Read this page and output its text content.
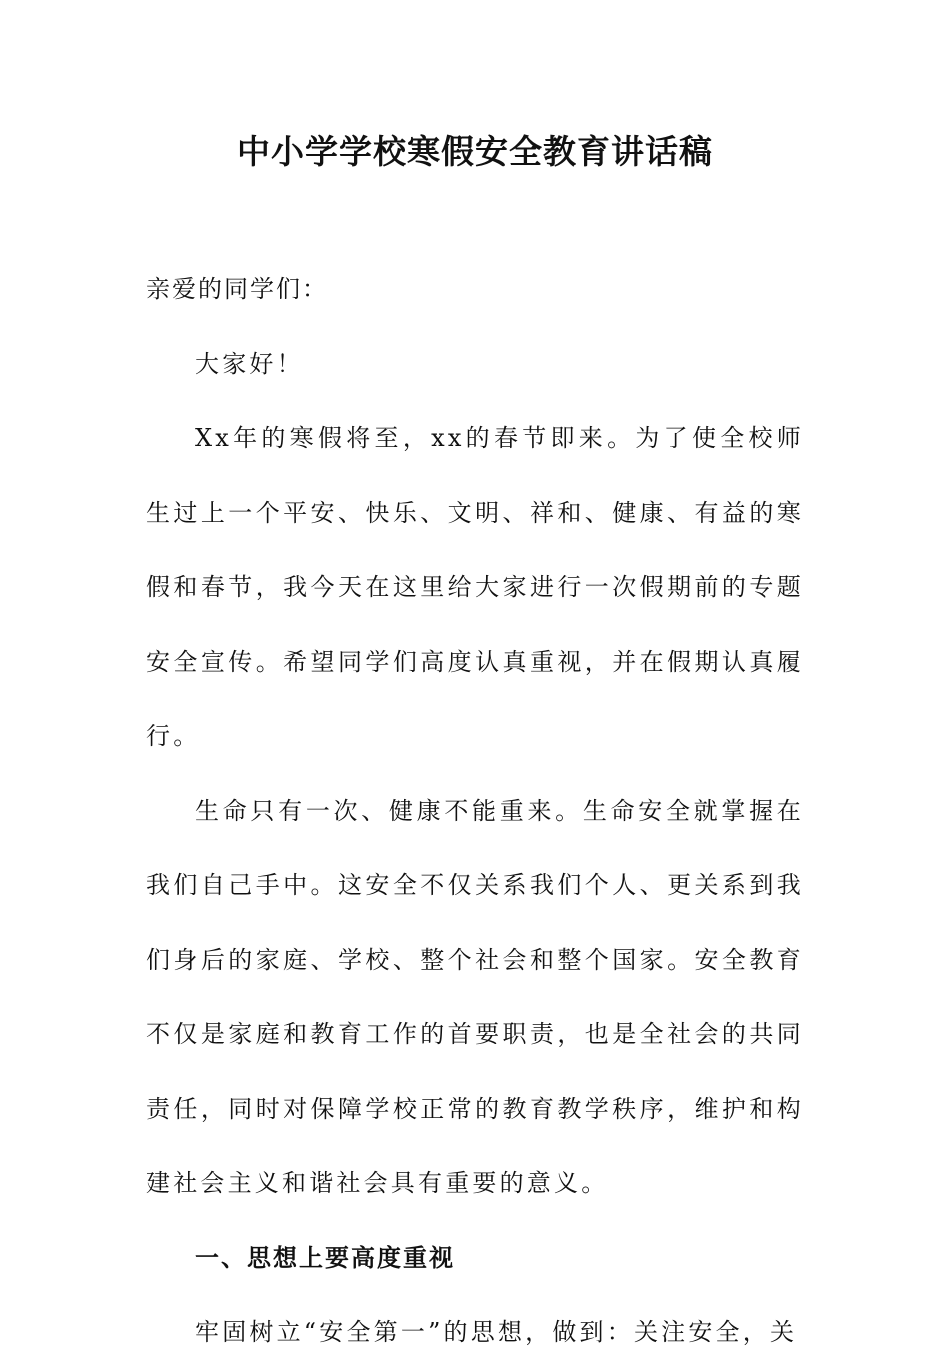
中小学学校寒假安全教育讲话稿

亲爱的同学们：

大家好！

Xx年的寒假将至，xx的春节即来。为了使全校师生过上一个平安、快乐、文明、祥和、健康、有益的寒假和春节，我今天在这里给大家进行一次假期前的专题安全宣传。希望同学们高度认真重视，并在假期认真履行。

生命只有一次、健康不能重来。生命安全就掌握在我们自己手中。这安全不仅关系我们个人、更关系到我们身后的家庭、学校、整个社会和整个国家。安全教育不仅是家庭和教育工作的首要职责，也是全社会的共同责任，同时对保障学校正常的教育教学秩序，维护和构建社会主义和谐社会具有重要的意义。

一、思想上要高度重视

牢固树立“安全第一”的思想，做到：关注安全，关
